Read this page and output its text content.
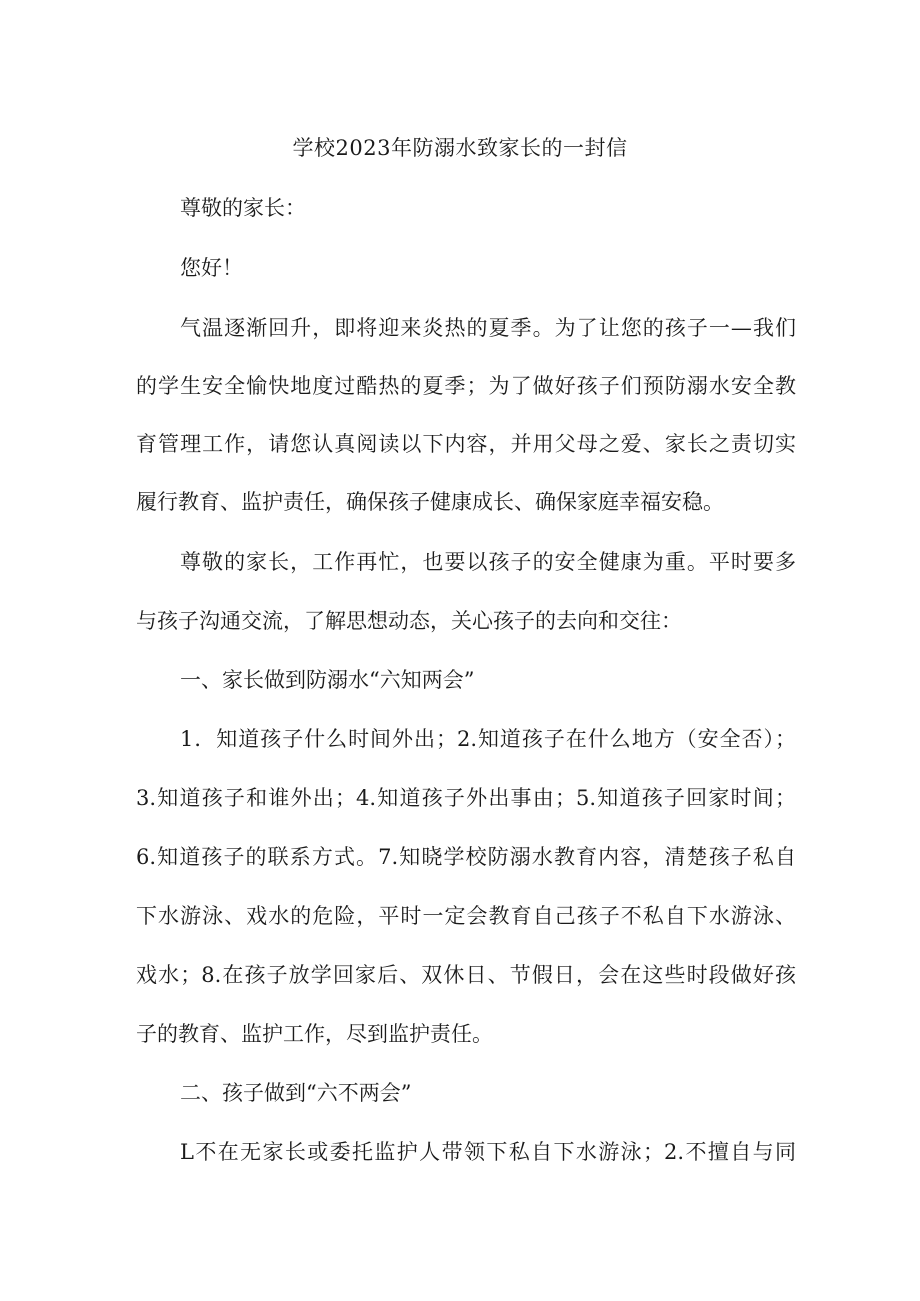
学校2023年防溺水致家长的一封信
尊敬的家长：
您好！
气温逐渐回升，即将迎来炎热的夏季。为了让您的孩子一—我们
的学生安全愉快地度过酷热的夏季；为了做好孩子们预防溺水安全教
育管理工作，请您认真阅读以下内容，并用父母之爱、家长之责切实
履行教育、监护责任，确保孩子健康成长、确保家庭幸福安稳。
尊敬的家长，工作再忙，也要以孩子的安全健康为重。平时要多
与孩子沟通交流，了解思想动态，关心孩子的去向和交往：
一、家长做到防溺水“六知两会”
1．知道孩子什么时间外出；2.知道孩子在什么地方（安全否）；
3.知道孩子和谁外出；4.知道孩子外出事由；5.知道孩子回家时间；
6.知道孩子的联系方式。7.知晓学校防溺水教育内容，清楚孩子私自
下水游泳、戏水的危险，平时一定会教育自己孩子不私自下水游泳、
戏水；8.在孩子放学回家后、双休日、节假日，会在这些时段做好孩
子的教育、监护工作，尽到监护责任。
二、孩子做到“六不两会”
L不在无家长或委托监护人带领下私自下水游泳；2.不擅自与同
